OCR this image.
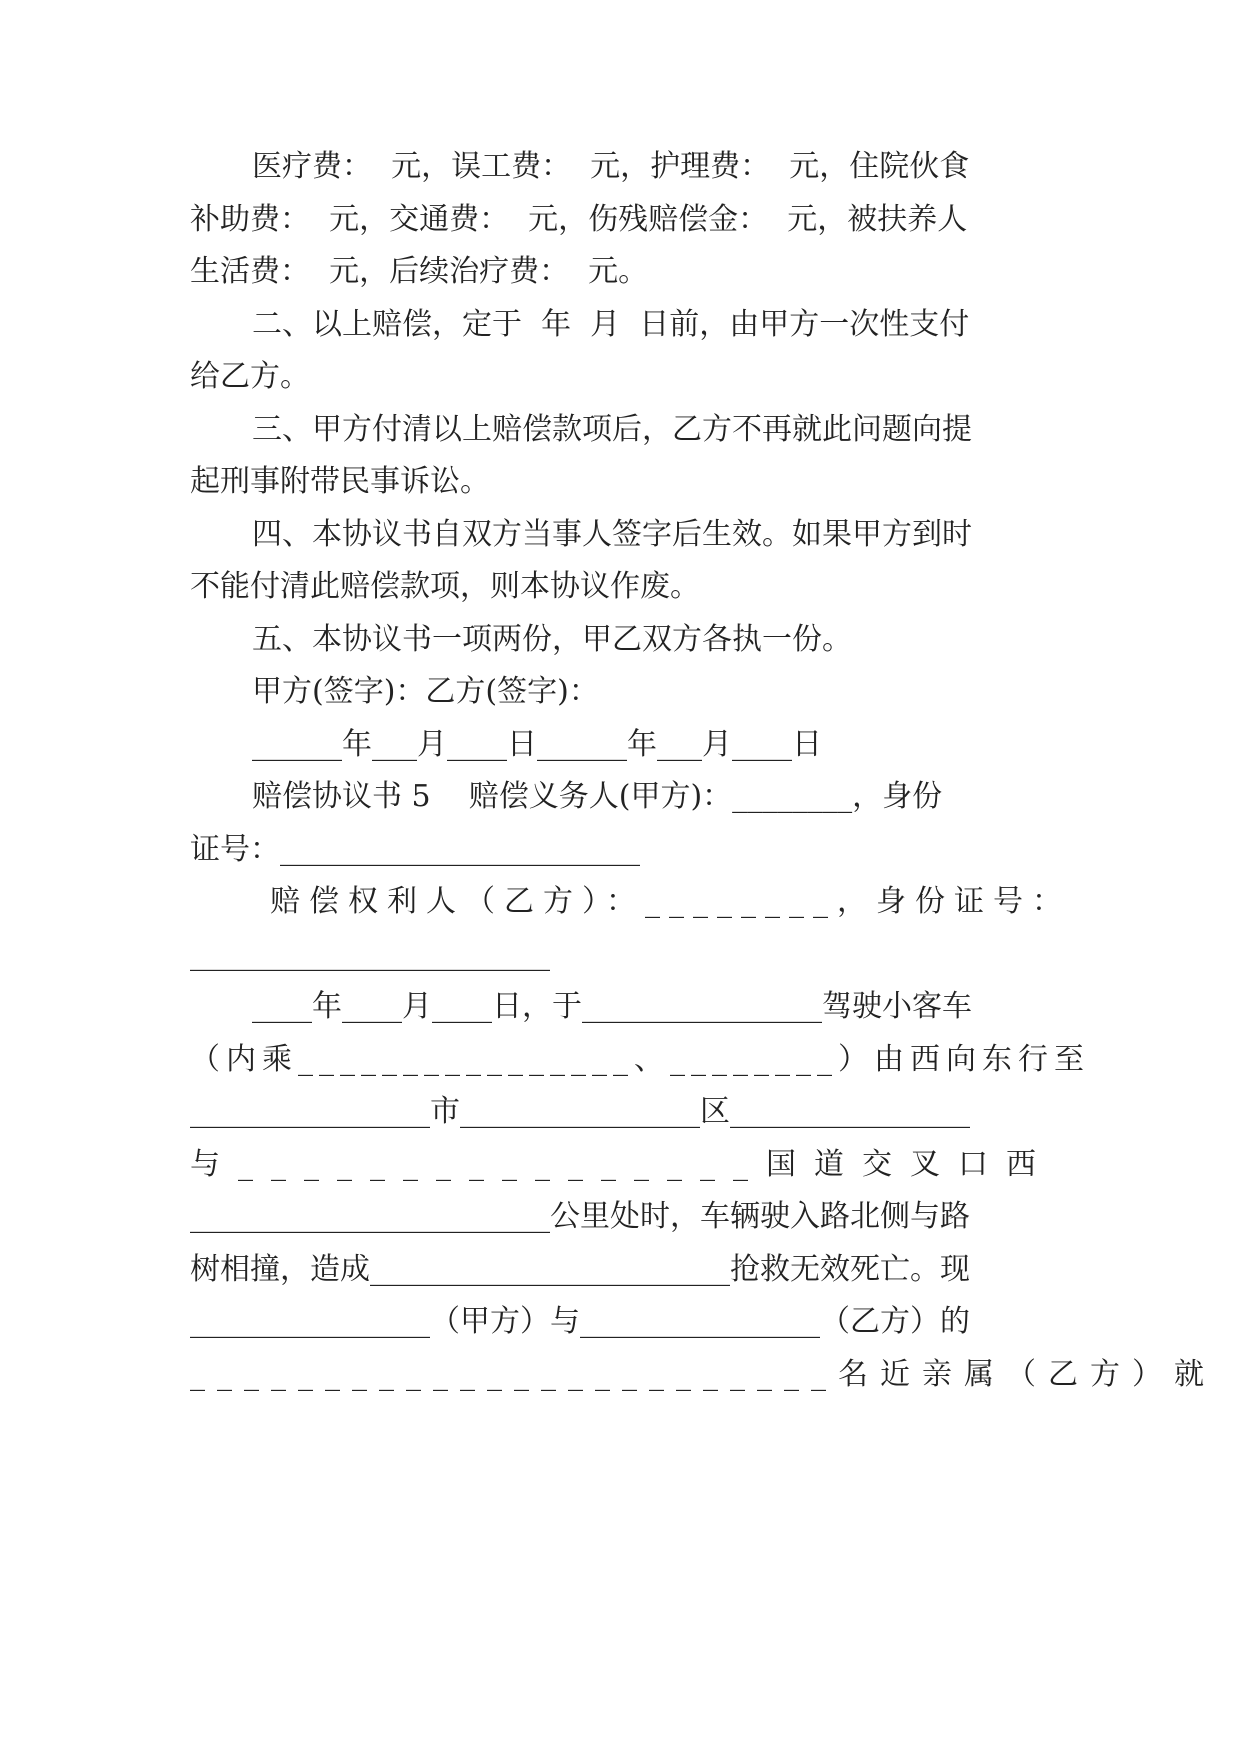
医疗费：  元，误工费：  元，护理费：  元，住院伙食
补助费：  元，交通费：  元，伤残赔偿金：  元，被扶养人
生活费：  元，后续治疗费：  元。
二、以上赔偿，定于  年  月  日前，由甲方一次性支付
给乙方。
三、甲方付清以上赔偿款项后，乙方不再就此问题向提
起刑事附带民事诉讼。
四、本协议书自双方当事人签字后生效。如果甲方到时
不能付清此赔偿款项，则本协议作废。
五、本协议书一项两份，甲乙双方各执一份。
甲方(签字)：乙方(签字)：
______年___月____日______年___月____日
赔偿协议书 5    赔偿义务人(甲方)：________，身份
证号：________________________
赔偿权利人（乙方）：________，身份证号：
________________________
____年____月____日，于________________驾驶小客车
（内乘________________、________）由西向东行至
________________市________________区________________
与________________国道交叉口西
________________________公里处时，车辆驶入路北侧与路
树相撞，造成________________________抢救无效死亡。现
________________（甲方）与________________（乙方）的
________________________名近亲属（乙方）就
